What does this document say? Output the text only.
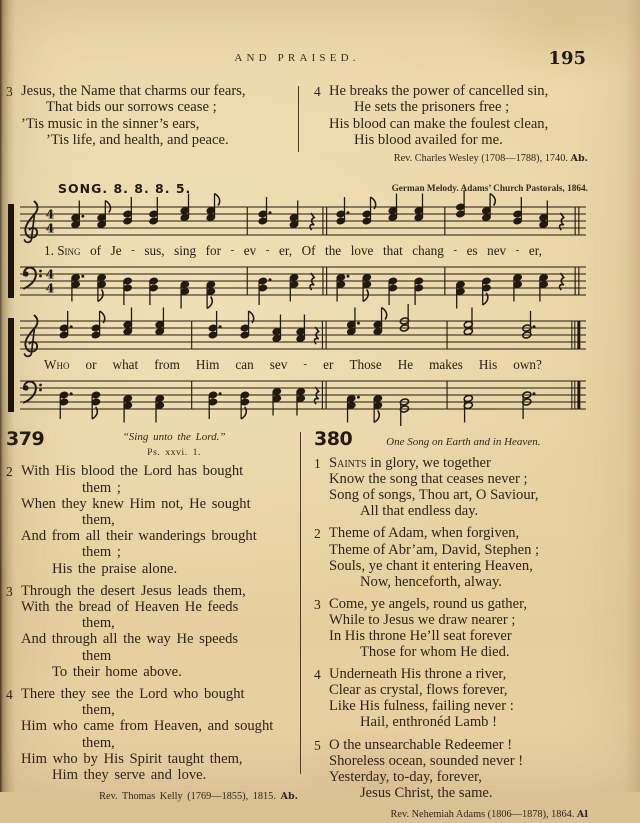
AND PRAISED.	195
3 Jesus, the Name that charms our fears,
That bids our sorrows cease ;
’Tis music in the sinner’s ears,
’Tis life, and health, and peace.
4 He breaks the power of cancelled sin,
He sets the prisoners free ;
His blood can make the foulest clean,
His blood availed for me.
Rev. Charles Wesley (1708—1788), 1740. Ab.
SONG. 8. 8. 8. 5.	German Melody. Adams’ Church Pastorals, 1864.
4
4
1. Sing of Je - sus, sing for - ev - er, Of the love that chang - es nev - er,
4
4
Who or what from Him can sev - er Those He makes His own?
379	“Sing unto the Lord.”
Ps. xxvi. 1.
2 With His blood the Lord has bought
them ;
When they knew Him not, He sought
them,
And from all their wanderings brought
them ;
His the praise alone.
3 Through the desert Jesus leads them,
With the bread of Heaven He feeds
them,
And through all the way He speeds
them
To their home above.
4 There they see the Lord who bought
them,
Him who came from Heaven, and sought
them,
Him who by His Spirit taught them,
Him they serve and love.
Rev. Thomas Kelly (1769—1855), 1815. Ab.
380	One Song on Earth and in Heaven.
1 Saints in glory, we together
Know the song that ceases never ;
Song of songs, Thou art, O Saviour,
All that endless day.
2 Theme of Adam, when forgiven,
Theme of Abr’am, David, Stephen ;
Souls, ye chant it entering Heaven,
Now, henceforth, alway.
3 Come, ye angels, round us gather,
While to Jesus we draw nearer ;
In His throne He’ll seat forever
Those for whom He died.
4 Underneath His throne a river,
Clear as crystal, flows forever,
Like His fulness, failing never :
Hail, enthronéd Lamb !
5 O the unsearchable Redeemer !
Shoreless ocean, sounded never !
Yesterday, to-day, forever,
Jesus Christ, the same.
Rev. Nehemiah Adams (1806—1878), 1864. Al
